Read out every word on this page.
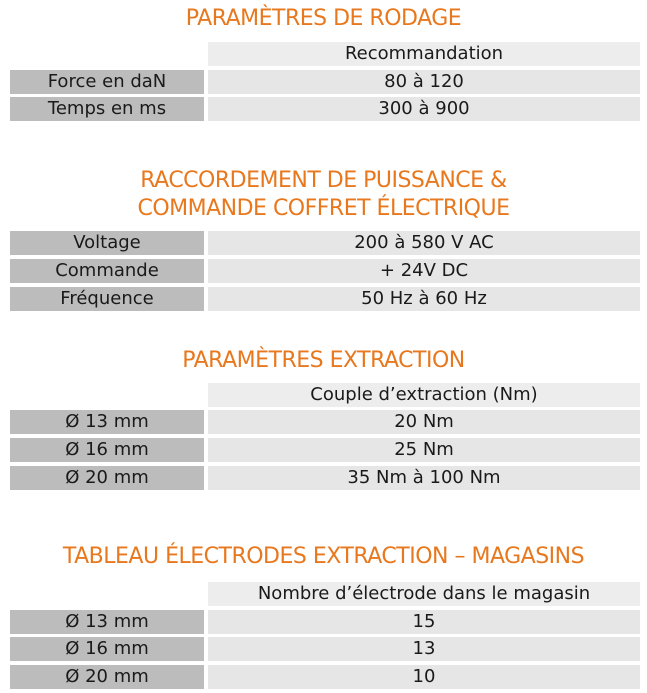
PARAMÈTRES DE RODAGE
Recommandation
Force en daN	80 à 120
Temps en ms	300 à 900
RACCORDEMENT DE PUISSANCE &
COMMANDE COFFRET ÉLECTRIQUE
Voltage	200 à 580 V AC
Commande	+ 24V DC
Fréquence	50 Hz à 60 Hz
PARAMÈTRES EXTRACTION
Couple d’extraction (Nm)
Ø 13 mm	20 Nm
Ø 16 mm	25 Nm
Ø 20 mm	35 Nm à 100 Nm
TABLEAU ÉLECTRODES EXTRACTION – MAGASINS
Nombre d’électrode dans le magasin
Ø 13 mm	15
Ø 16 mm	13
Ø 20 mm	10
